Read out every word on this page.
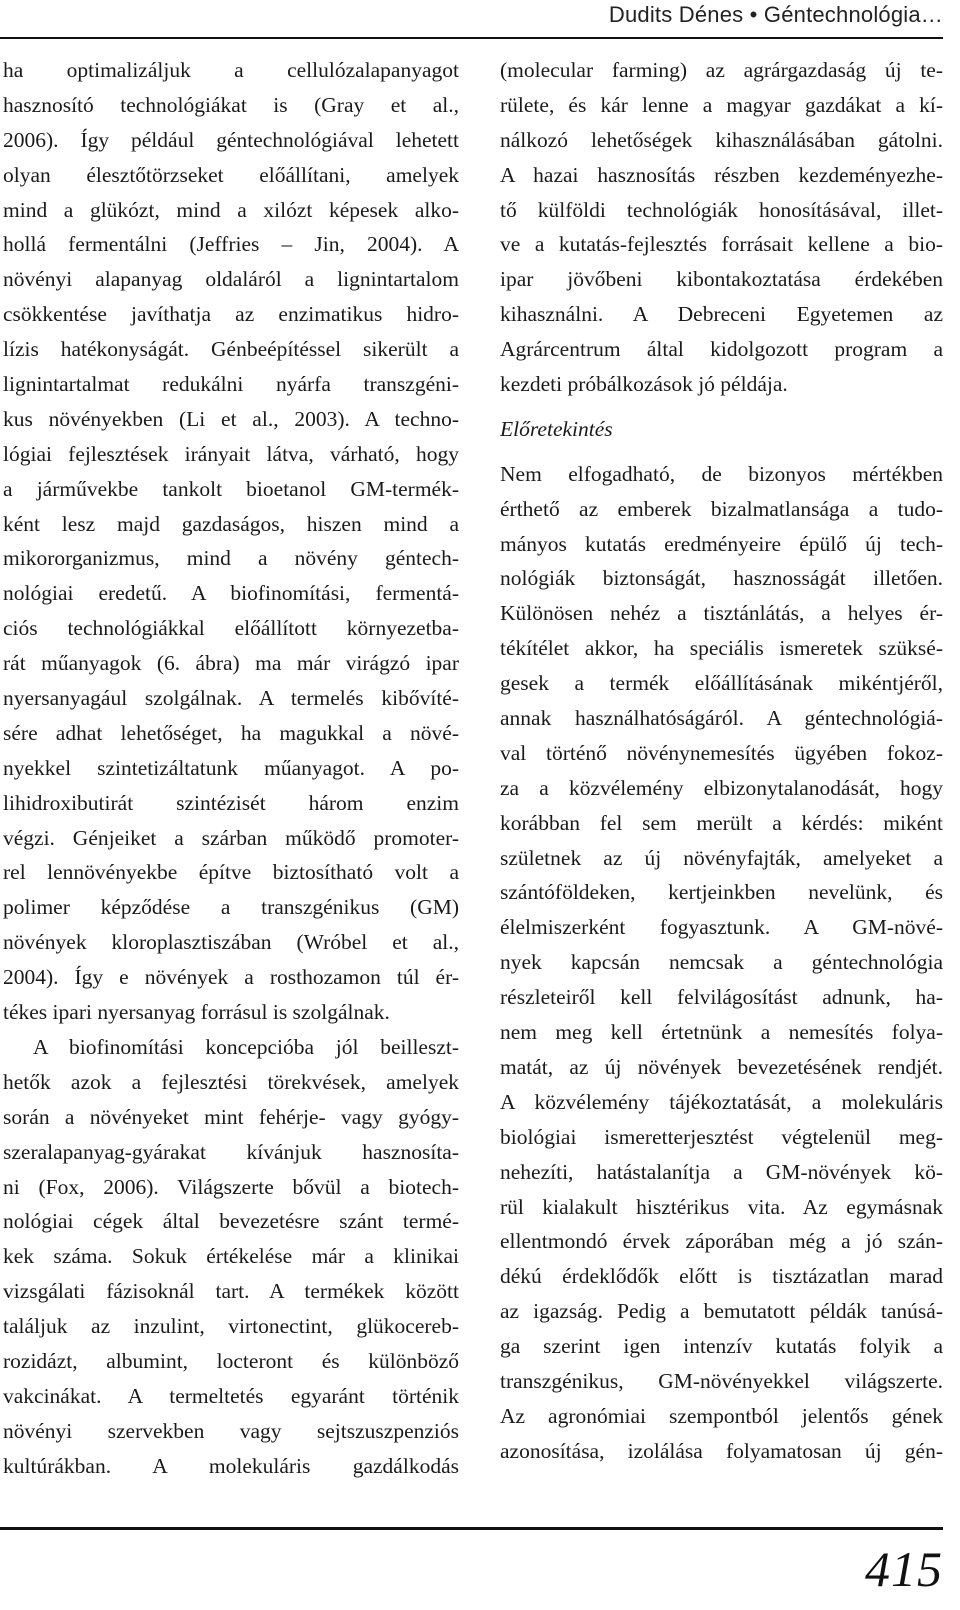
Dudits Dénes • Géntechnológia…
ha optimalizáljuk a cellulózalapanyagot
hasznosító technológiákat is (Gray et al.,
2006). Így például géntechnológiával lehetett
olyan élesztőtörzseket előállítani, amelyek
mind a glükózt, mind a xilózt képesek alko-
hollá fermentálni (Jeffries – Jin, 2004). A
növényi alapanyag oldaláról a lignintartalom
csökkentése javíthatja az enzimatikus hidro-
lízis hatékonyságát. Génbeépítéssel sikerült a
lignintartalmat redukálni nyárfa transzgéni-
kus növényekben (Li et al., 2003). A techno-
lógiai fejlesztések irányait látva, várható, hogy
a járművekbe tankolt bioetanol GM-termék-
ként lesz majd gazdaságos, hiszen mind a
mikororganizmus, mind a növény géntech-
nológiai eredetű. A biofinomítási, fermentá-
ciós technológiákkal előállított környezetba-
rát műanyagok (6. ábra) ma már virágzó ipar
nyersanyagául szolgálnak. A termelés kibővíté-
sére adhat lehetőséget, ha magukkal a növé-
nyekkel szintetizáltatunk műanyagot. A po-
lihidroxibutirát szintézisét három enzim
végzi. Génjeiket a szárban működő promoter-
rel lennövényekbe építve biztosítható volt a
polimer képződése a transzgénikus (GM)
növények kloroplasztiszában (Wróbel et al.,
2004). Így e növények a rosthozamon túl ér-
tékes ipari nyersanyag forrásul is szolgálnak.
A biofinomítási koncepcióba jól beilleszt-
hetők azok a fejlesztési törekvések, amelyek
során a növényeket mint fehérje- vagy gyógy-
szeralapanyag-gyárakat kívánjuk hasznosíta-
ni (Fox, 2006). Világszerte bővül a biotech-
nológiai cégek által bevezetésre szánt termé-
kek száma. Sokuk értékelése már a klinikai
vizsgálati fázisoknál tart. A termékek között
találjuk az inzulint, virtonectint, glükocereb-
rozidázt, albumint, locteront és különböző
vakcinákat. A termeltetés egyaránt történik
növényi szervekben vagy sejtszuszpenziós
kultúrákban. A molekuláris gazdálkodás
(molecular farming) az agrárgazdaság új te-
rülete, és kár lenne a magyar gazdákat a kí-
nálkozó lehetőségek kihasználásában gátolni.
A hazai hasznosítás részben kezdeményezhe-
tő külföldi technológiák honosításával, illet-
ve a kutatás-fejlesztés forrásait kellene a bio-
ipar jövőbeni kibontakoztatása érdekében
kihasználni. A Debreceni Egyetemen az
Agrárcentrum által kidolgozott program a
kezdeti próbálkozások jó példája.
Előretekintés
Nem elfogadható, de bizonyos mértékben
érthető az emberek bizalmatlansága a tudo-
mányos kutatás eredményeire épülő új tech-
nológiák biztonságát, hasznosságát illetően.
Különösen nehéz a tisztánlátás, a helyes ér-
tékítélet akkor, ha speciális ismeretek szüksé-
gesek a termék előállításának mikéntjéről,
annak használhatóságáról. A géntechnológiá-
val történő növénynemesítés ügyében fokoz-
za a közvélemény elbizonytalanodását, hogy
korábban fel sem merült a kérdés: miként
születnek az új növényfajták, amelyeket a
szántóföldeken, kertjeinkben nevelünk, és
élelmiszerként fogyasztunk. A GM-növé-
nyek kapcsán nemcsak a géntechnológia
részleteiről kell felvilágosítást adnunk, ha-
nem meg kell értetnünk a nemesítés folya-
matát, az új növények bevezetésének rendjét.
A közvélemény tájékoztatását, a molekuláris
biológiai ismeretterjesztést végtelenül meg-
nehezíti, hatástalanítja a GM-növények kö-
rül kialakult hisztérikus vita. Az egymásnak
ellentmondó érvek záporában még a jó szán-
dékú érdeklődők előtt is tisztázatlan marad
az igazság. Pedig a bemutatott példák tanúsá-
ga szerint igen intenzív kutatás folyik a
transzgénikus, GM-növényekkel világszerte.
Az agronómiai szempontból jelentős gének
azonosítása, izolálása folyamatosan új gén-
415
